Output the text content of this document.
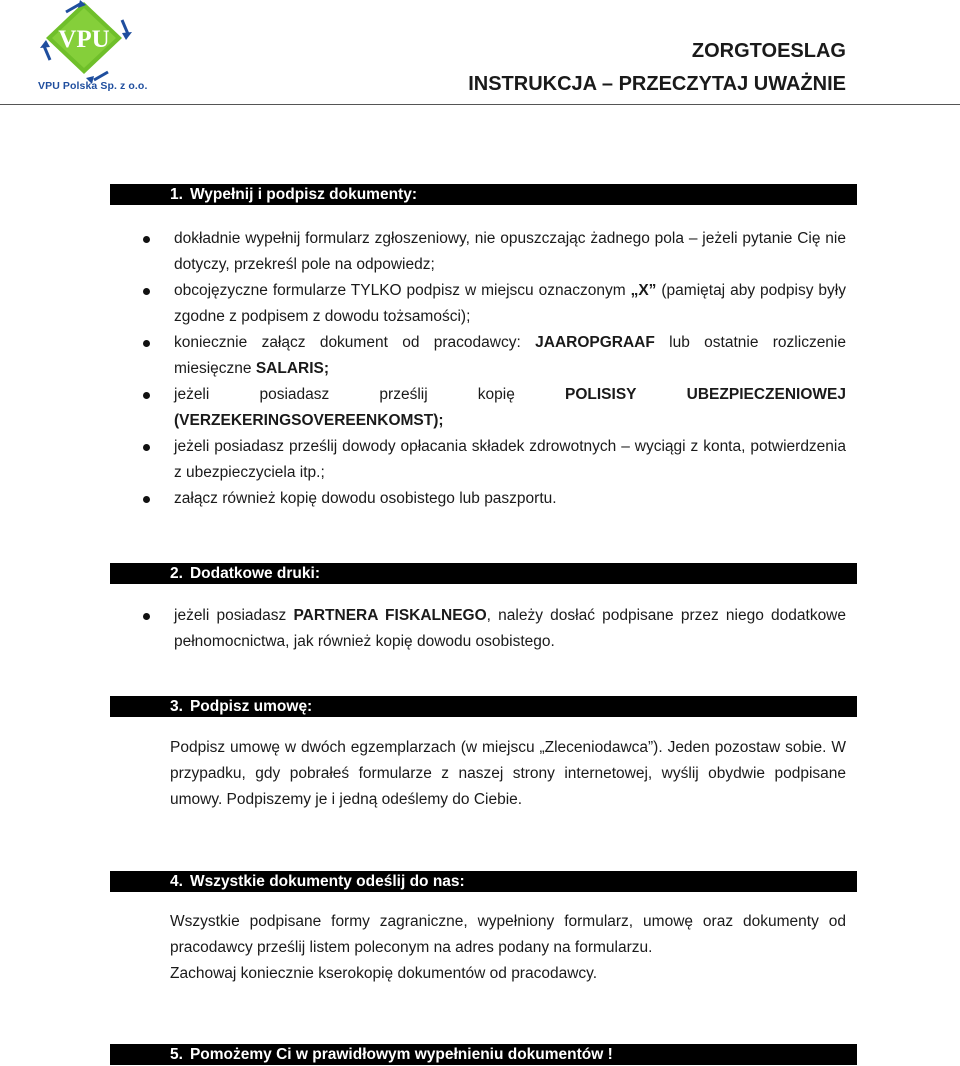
VPU
VPU Polska Sp. z o.o.
ZORGTOESLAG
INSTRUKCJA – PRZECZYTAJ UWAŻNIE
1. Wypełnij i podpisz dokumenty:
dokładnie wypełnij formularz zgłoszeniowy, nie opuszczając żadnego pola – jeżeli pytanie Cię nie dotyczy, przekreśl pole na odpowiedz;
obcojęzyczne formularze TYLKO podpisz w miejscu oznaczonym „X” (pamiętaj aby podpisy były zgodne z podpisem z dowodu tożsamości);
koniecznie załącz dokument od pracodawcy: JAAROPGRAAF lub ostatnie rozliczenie miesięczne SALARIS;
jeżeli posiadasz prześlij kopię POLISISY	UBEZPIECZENIOWEJ (VERZEKERINGSOVEREENKOMST);
jeżeli posiadasz prześlij dowody opłacania składek zdrowotnych – wyciągi z konta, potwierdzenia z ubezpieczyciela itp.;
załącz również kopię dowodu osobistego lub paszportu.
2. Dodatkowe druki:
jeżeli posiadasz PARTNERA FISKALNEGO, należy dosłać podpisane przez niego dodatkowe pełnomocnictwa, jak również kopię dowodu osobistego.
3. Podpisz umowę:

Podpisz umowę w dwóch egzemplarzach (w miejscu „Zleceniodawca”). Jeden pozostaw sobie. W przypadku, gdy pobrałeś formularze z naszej strony internetowej, wyślij obydwie podpisane umowy. Podpiszemy je i jedną odeślemy do Ciebie.

4. Wszystkie dokumenty odeślij do nas:

Wszystkie podpisane formy zagraniczne, wypełniony formularz, umowę oraz dokumenty od pracodawcy prześlij listem poleconym na adres podany na formularzu.
Zachowaj koniecznie kserokopię dokumentów od pracodawcy.

5. Pomożemy Ci w prawidłowym wypełnieniu dokumentów !
